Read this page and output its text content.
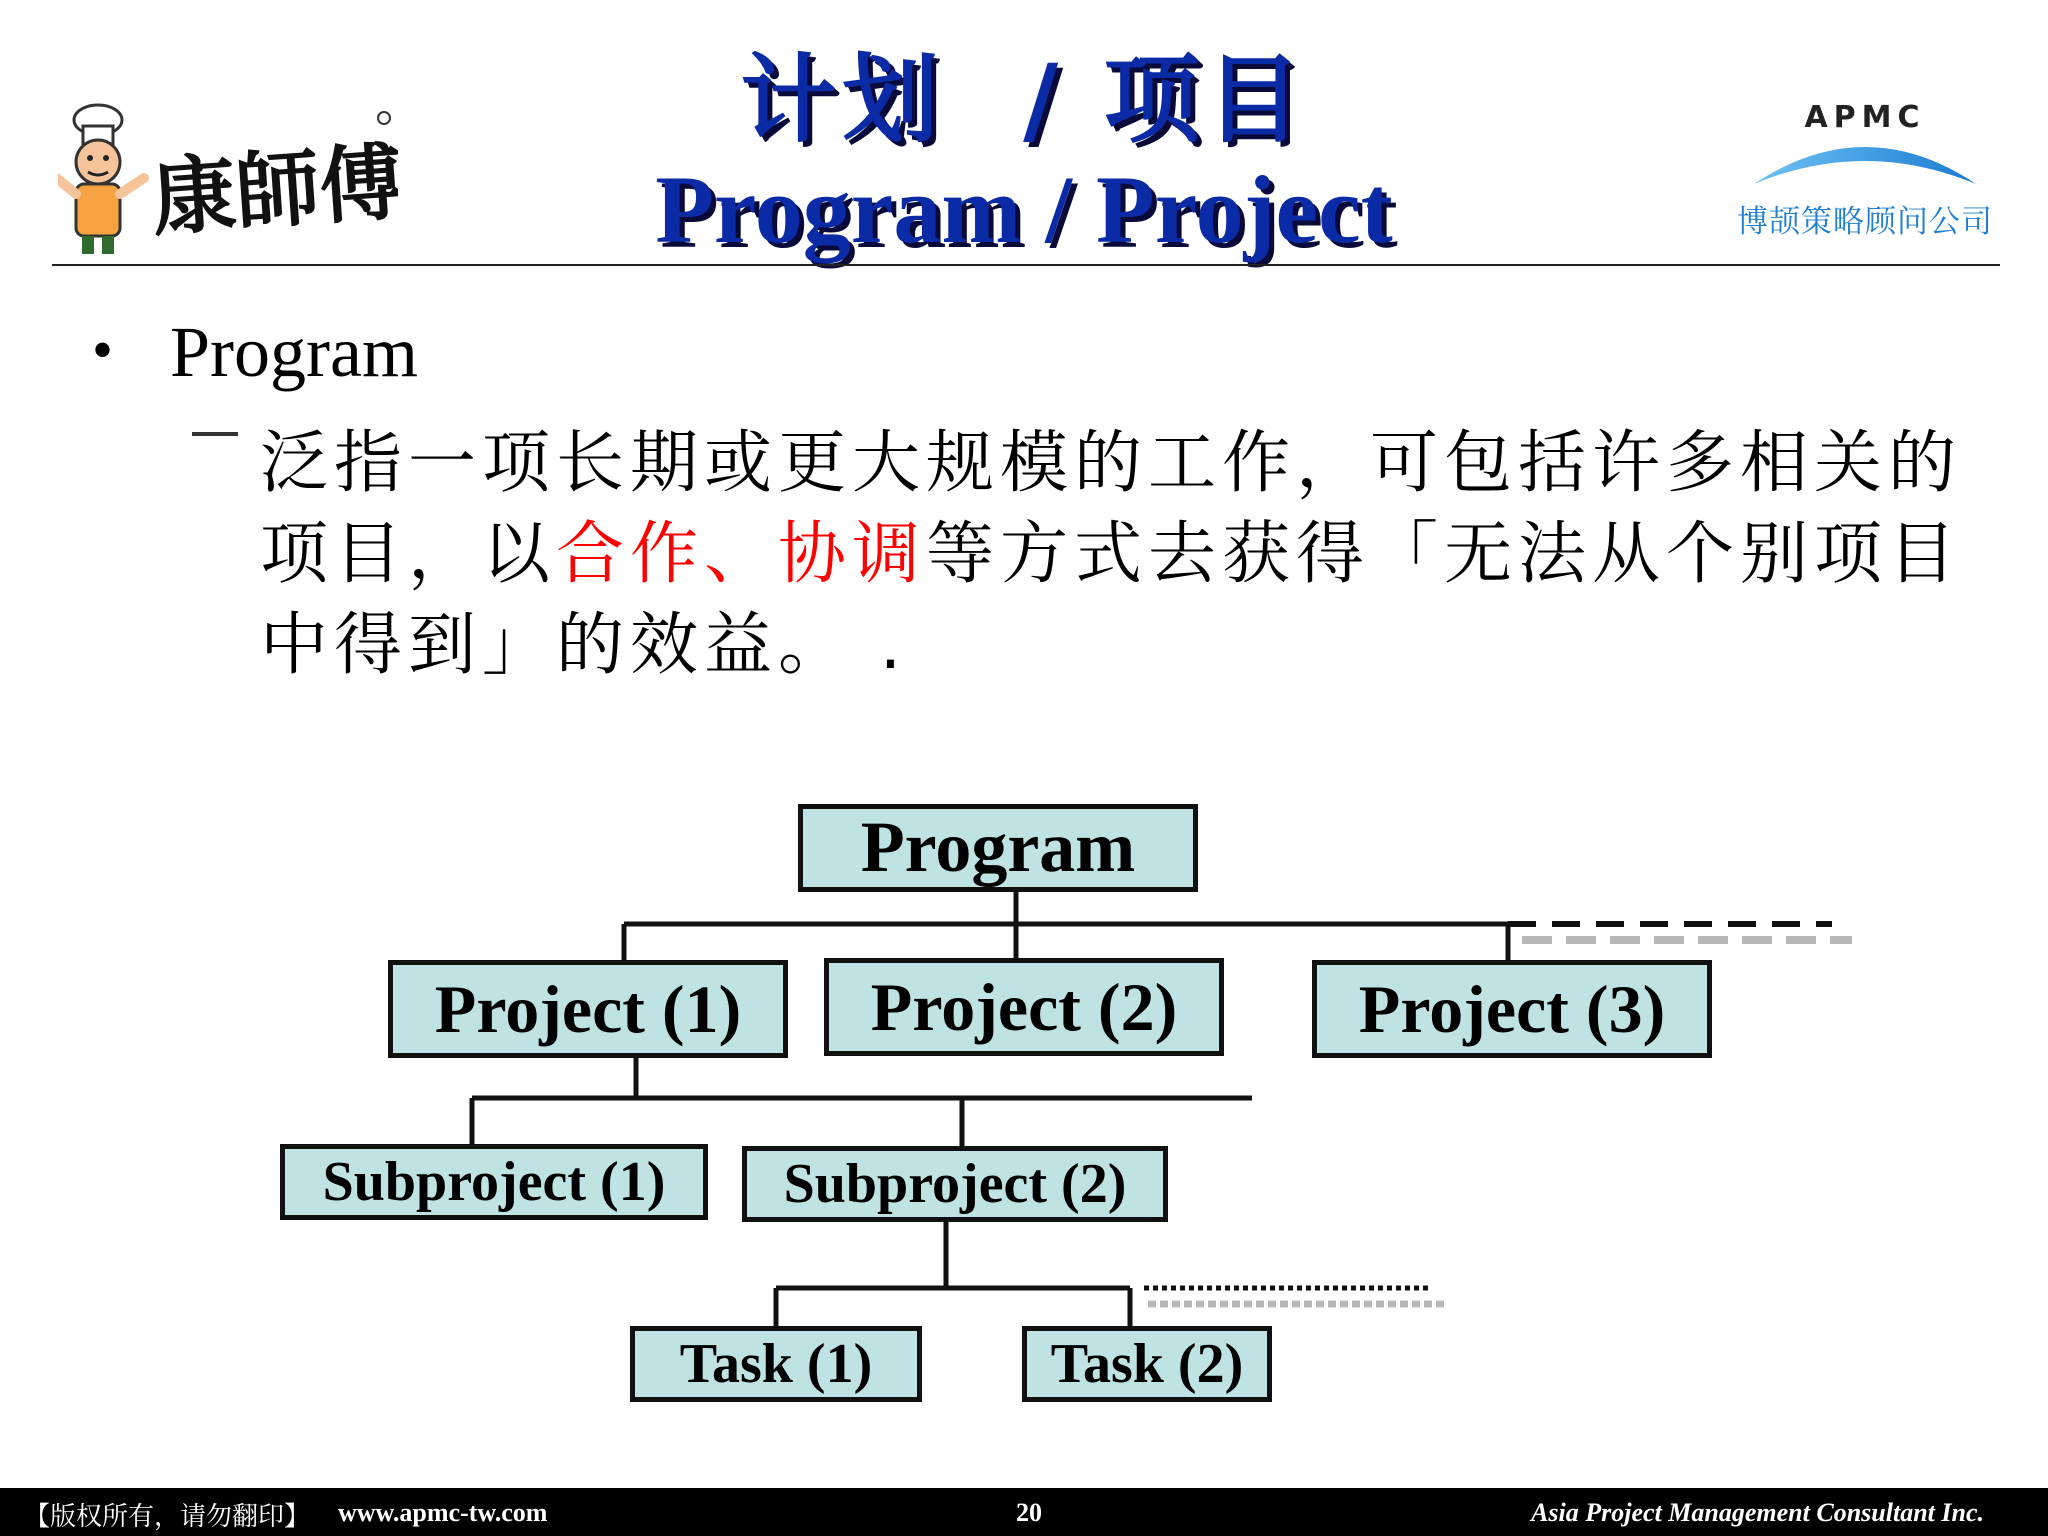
康師傅
计划  / 项目
Program / Project
APMC
博颉策略顾问公司
• Program
泛指一项长期或更大规模的工作，可包括许多相关的项目，以合作、协调等方式去获得「无法从个别项目中得到」的效益。 .
Program
Project (1)	Project (2)	Project (3)
Subproject (1)	Subproject (2)
Task (1)	Task (2)
【版权所有，请勿翻印】 www.apmc-tw.com	20	Asia Project Management Consultant Inc.
